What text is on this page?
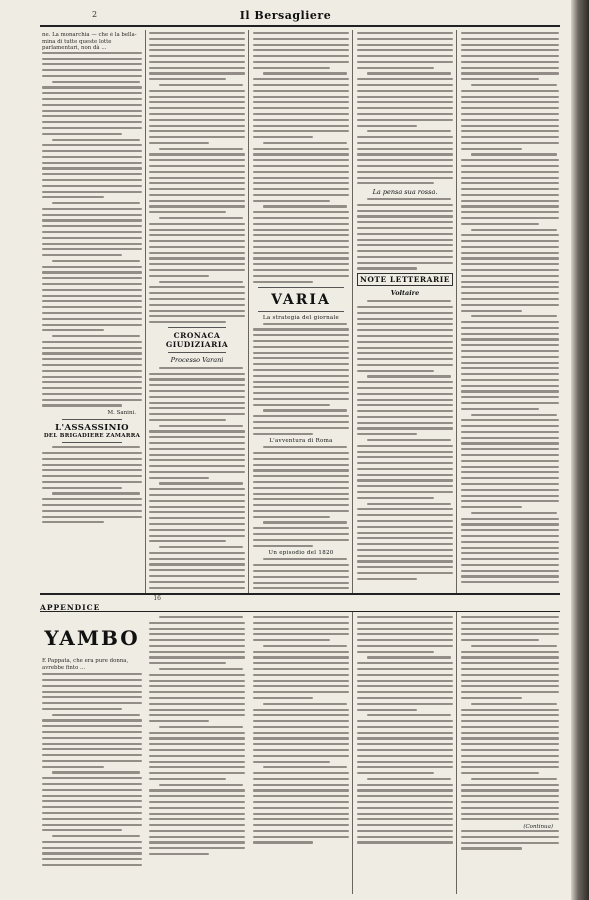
2	Il Bersagliere
ne. La monarchia — che è la bella-mina di tutte queste lotte parlamentari, non dà ...
M. Sanini.
L'ASSASSINIO
DEL BRIGADIERE ZAMARRA
CRONACA GIUDIZIARIA
Processo Varani
VARIA
La strategia del giornale
L'avventura di Roma
Un episodio del 1820
La pensa sua rossa.
NOTE LETTERARIE
Voltaire
APPENDICE
16
YAMBO
E Pappata, che era pure donna, avrebbe finto ...
(Continua)
